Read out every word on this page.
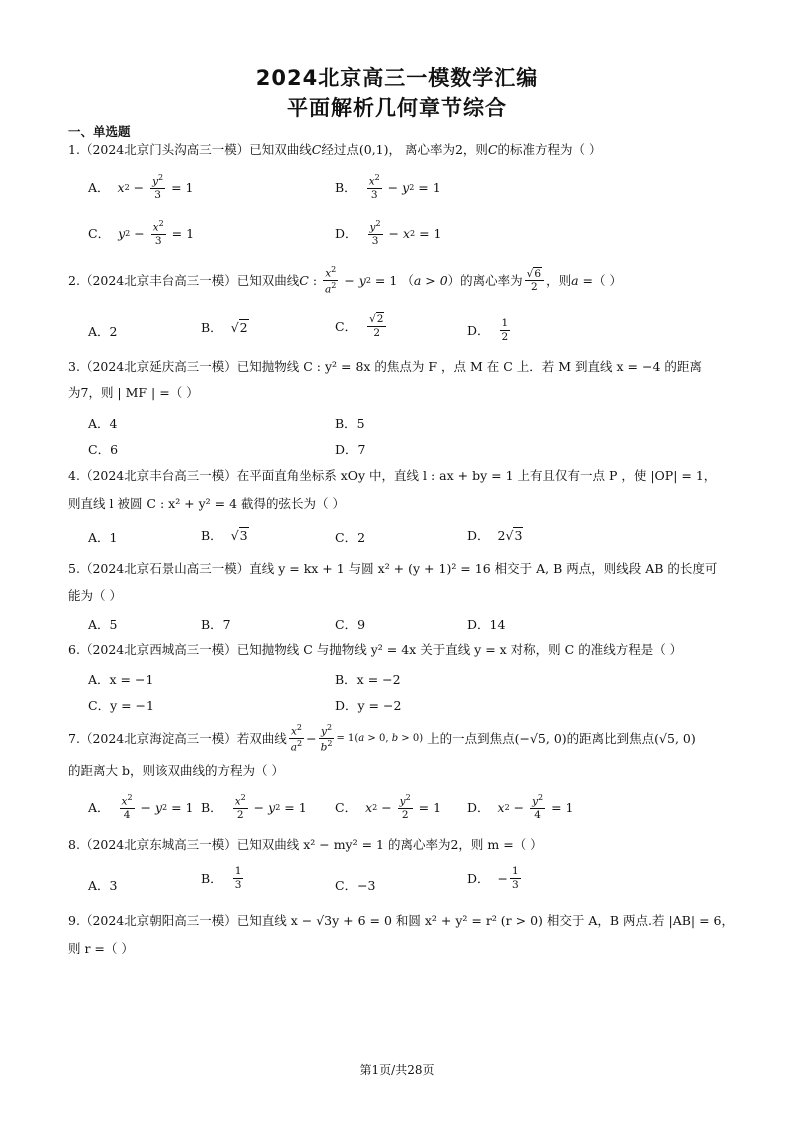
2024北京高三一模数学汇编
平面解析几何章节综合
一、单选题
1.（2024北京门头沟高三一模）已知双曲线C经过点(0,1)， 离心率为2，则C的标准方程为（ ）
A． x $2 - \frac{y^2}{3} = 1$	B． $\frac{x^2}{3} - y$ 2 = 1
C． y $2 - \frac{x^2}{3} = 1$	D． $\frac{y^2}{3} - x$ 2 = 1
2. （2024北京丰台高三一模） 已知双曲线 C : $\frac{x^2}{a^2} - y$ 2 = 1 （ a > 0 ）的离心率为 $\frac{√6}{2}$ ，则 a = （ ）
A．2	B． √2	C． $\frac{√2}{2}$	D． $\frac{1}{2}$
3.（2024北京延庆高三一模）已知抛物线 C : y² = 8x 的焦点为 F ，点 M 在 C 上．若 M 到直线 x = −4 的距离
为7，则 | MF | =（ ）
A．4	B．5
C．6	D．7
4.（2024北京丰台高三一模）在平面直角坐标系 xOy 中，直线 l : ax + by = 1 上有且仅有一点 P ，使 |OP| = 1，
则直线 l 被圆 C : x² + y² = 4 截得的弦长为（ ）
A．1	B． √3	C．2	D． 2 √3
5.（2024北京石景山高三一模）直线 y = kx + 1 与圆 x² + (y + 1)² = 16 相交于 A, B 两点，则线段 AB 的长度可
能为（ ）
A．5	B．7	C．9	D．14
6.（2024北京西城高三一模）已知抛物线 C 与抛物线 y² = 4x 关于直线 y = x 对称，则 C 的准线方程是（ ）
A．x = −1	B．x = −2
C．y = −1	D．y = −2
7. （2024北京海淀高三一模） 若双曲线 $\frac{x^2}{a^2} - \frac{y^2}{b^2} = 1(a > 0$, b > 0)
上的一点到焦点 (−√5, 0) 的距离比到焦点 (√5, 0)
的距离大 b，则该双曲线的方程为（ ）
A． $\frac{x^2}{4} - y$ 2 = 1 B． $\frac{x^2}{2} - y$ 2 = 1 C． x $2 - \frac{y^2}{2} = 1$ D． x $2 - \frac{y^2}{4} = 1$
8.（2024北京东城高三一模）已知双曲线 x² − my² = 1 的离心率为2，则 m =（ ）
A．3	B． $\frac{1}{3}$	C．−3	D． − $\frac{1}{3}$
9.（2024北京朝阳高三一模）已知直线 x − √3y + 6 = 0 和圆 x² + y² = r² (r > 0) 相交于 A，B 两点.若 |AB| = 6，
则 r =（ ）
第1页/共28页
